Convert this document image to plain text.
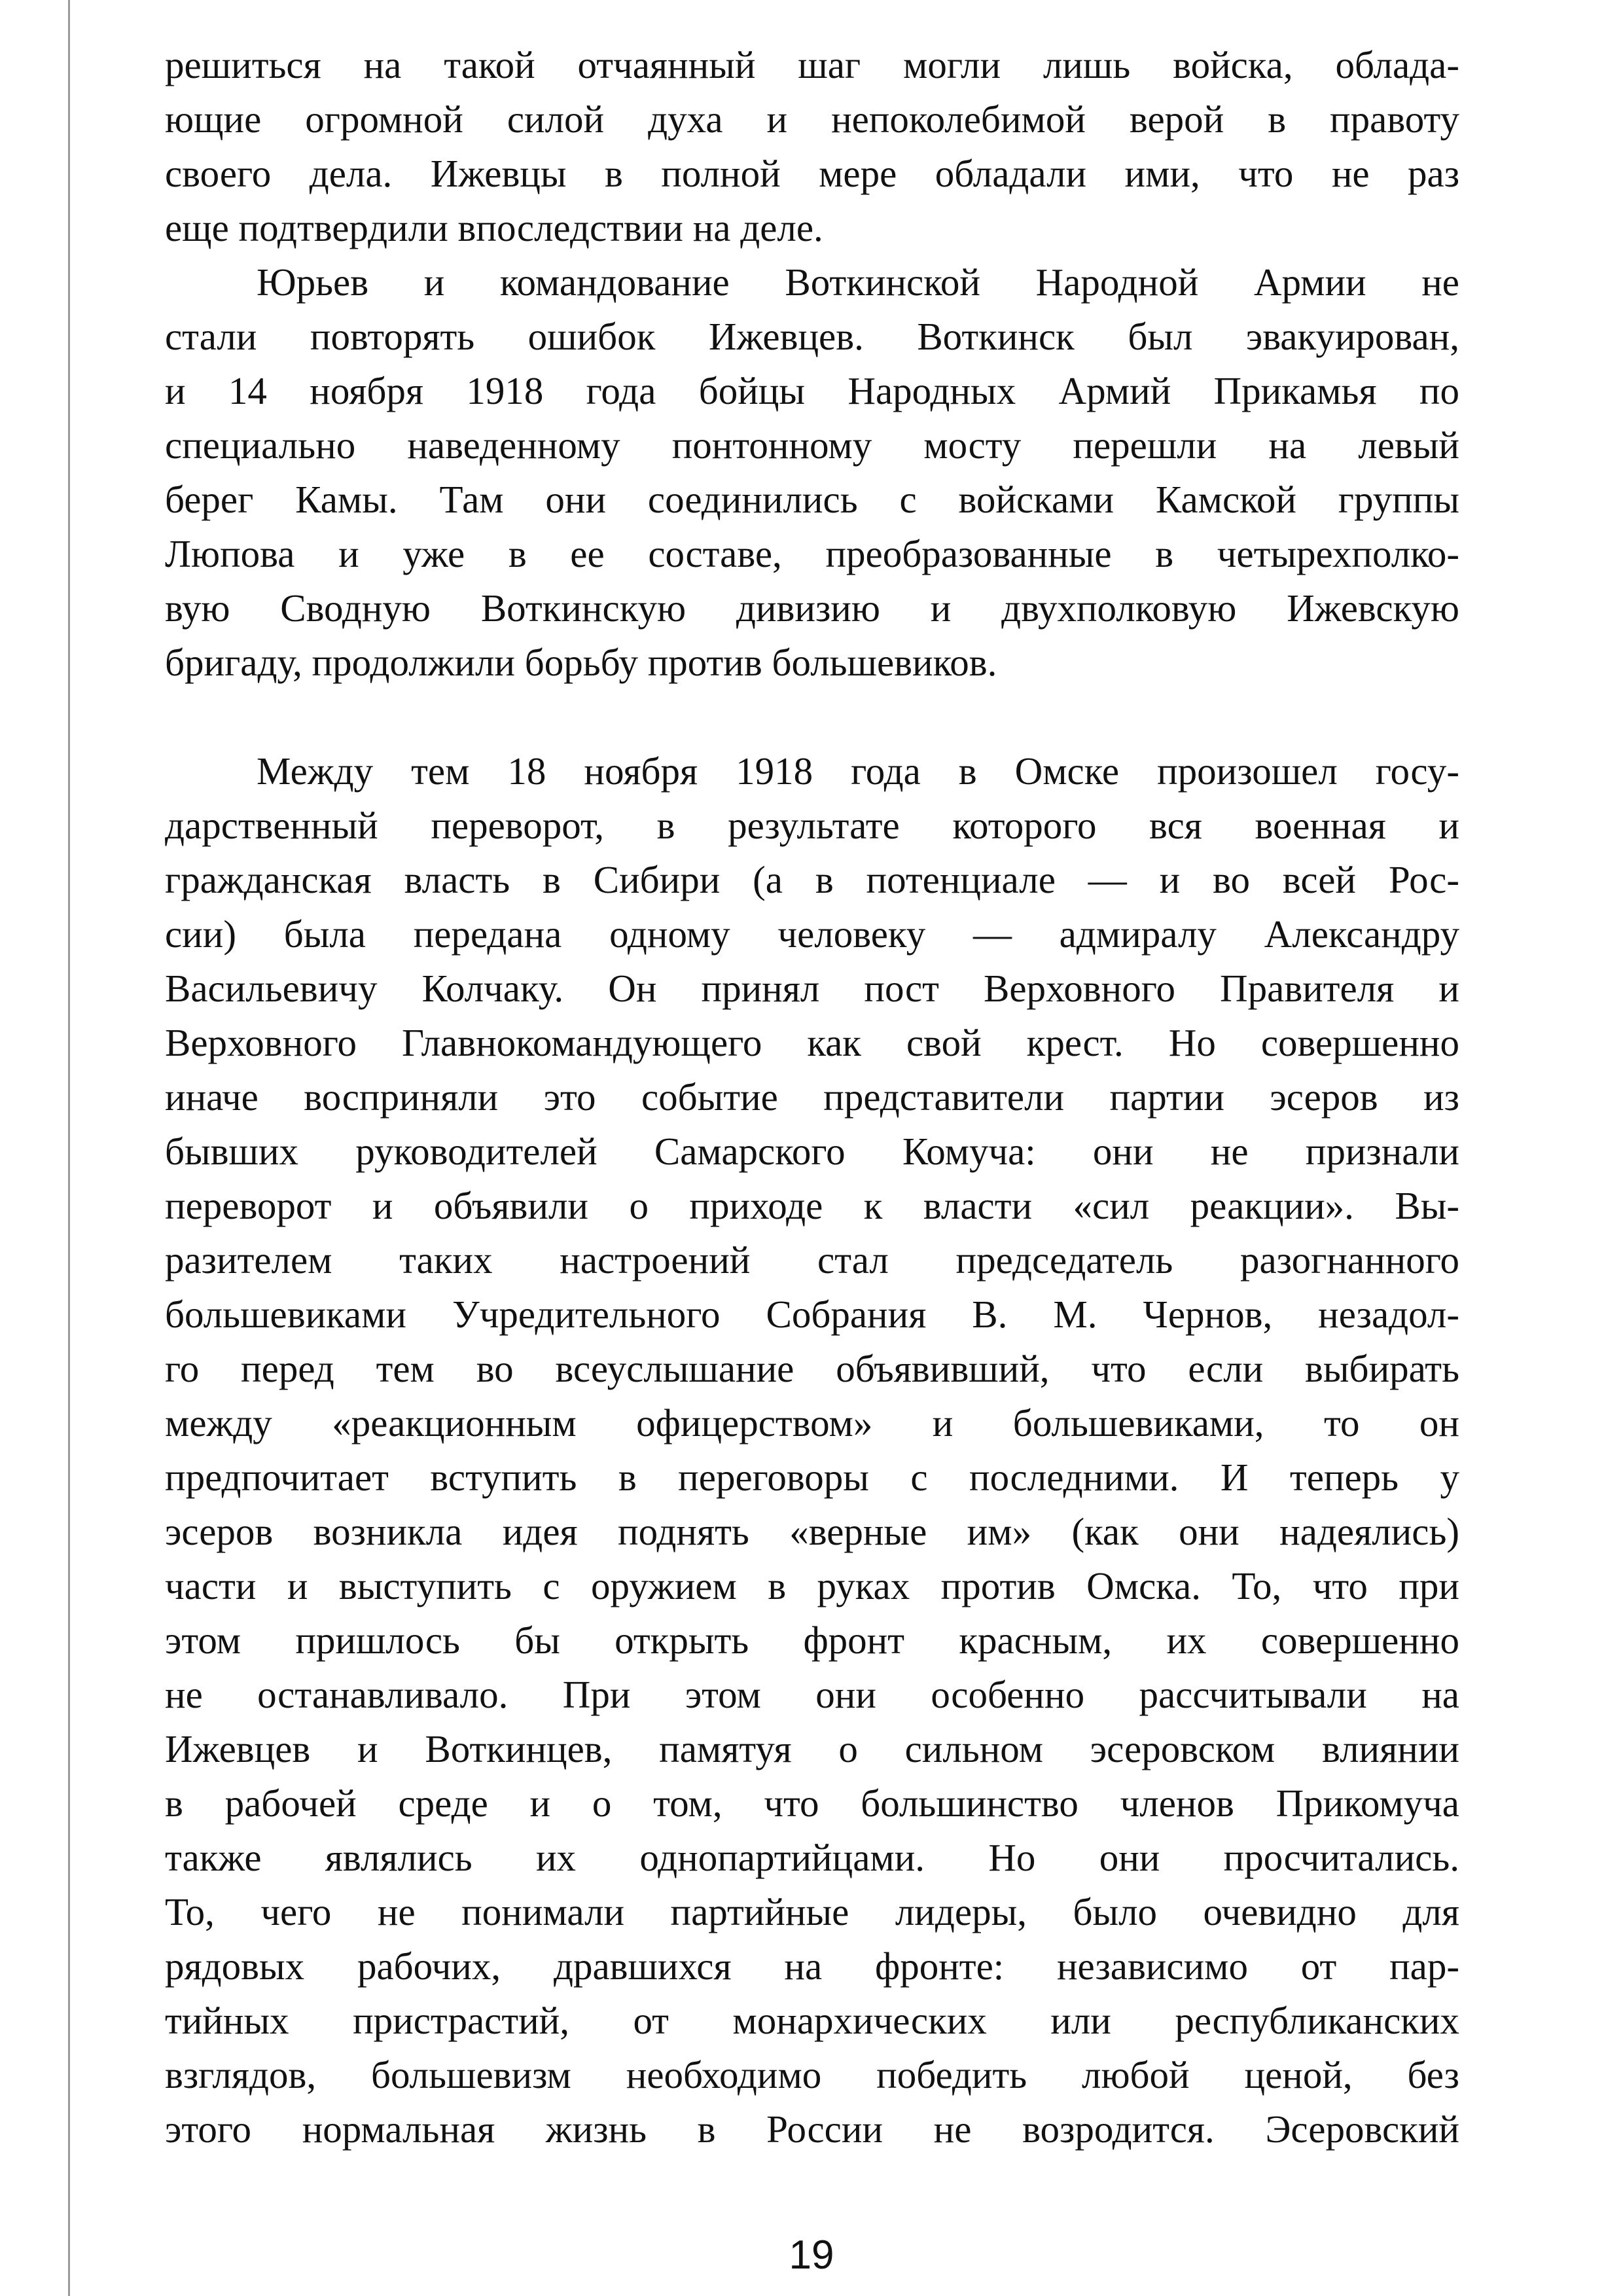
решиться на такой отчаянный шаг могли лишь войска, облада-
ющие огромной силой духа и непоколебимой верой в правоту
своего дела. Ижевцы в полной мере обладали ими, что не раз
еще подтвердили впоследствии на деле.
Юрьев и командование Воткинской Народной Армии не
стали повторять ошибок Ижевцев. Воткинск был эвакуирован,
и 14 ноября 1918 года бойцы Народных Армий Прикамья по
специально наведенному понтонному мосту перешли на левый
берег Камы. Там они соединились с войсками Камской группы
Люпова и уже в ее составе, преобразованные в четырехполко-
вую Сводную Воткинскую дивизию и двухполковую Ижевскую
бригаду, продолжили борьбу против большевиков.
Между тем 18 ноября 1918 года в Омске произошел госу-
дарственный переворот, в результате которого вся военная и
гражданская власть в Сибири (а в потенциале — и во всей Рос-
сии) была передана одному человеку — адмиралу Александру
Васильевичу Колчаку. Он принял пост Верховного Правителя и
Верховного Главнокомандующего как свой крест. Но совершенно
иначе восприняли это событие представители партии эсеров из
бывших руководителей Самарского Комуча: они не признали
переворот и объявили о приходе к власти «сил реакции». Вы-
разителем таких настроений стал председатель разогнанного
большевиками Учредительного Собрания В. М. Чернов, незадол-
го перед тем во всеуслышание объявивший, что если выбирать
между «реакционным офицерством» и большевиками, то он
предпочитает вступить в переговоры с последними. И теперь у
эсеров возникла идея поднять «верные им» (как они надеялись)
части и выступить с оружием в руках против Омска. То, что при
этом пришлось бы открыть фронт красным, их совершенно
не останавливало. При этом они особенно рассчитывали на
Ижевцев и Воткинцев, памятуя о сильном эсеровском влиянии
в рабочей среде и о том, что большинство членов Прикомуча
также являлись их однопартийцами. Но они просчитались.
То, чего не понимали партийные лидеры, было очевидно для
рядовых рабочих, дравшихся на фронте: независимо от пар-
тийных пристрастий, от монархических или республиканских
взглядов, большевизм необходимо победить любой ценой, без
этого нормальная жизнь в России не возродится. Эсеровский
19
